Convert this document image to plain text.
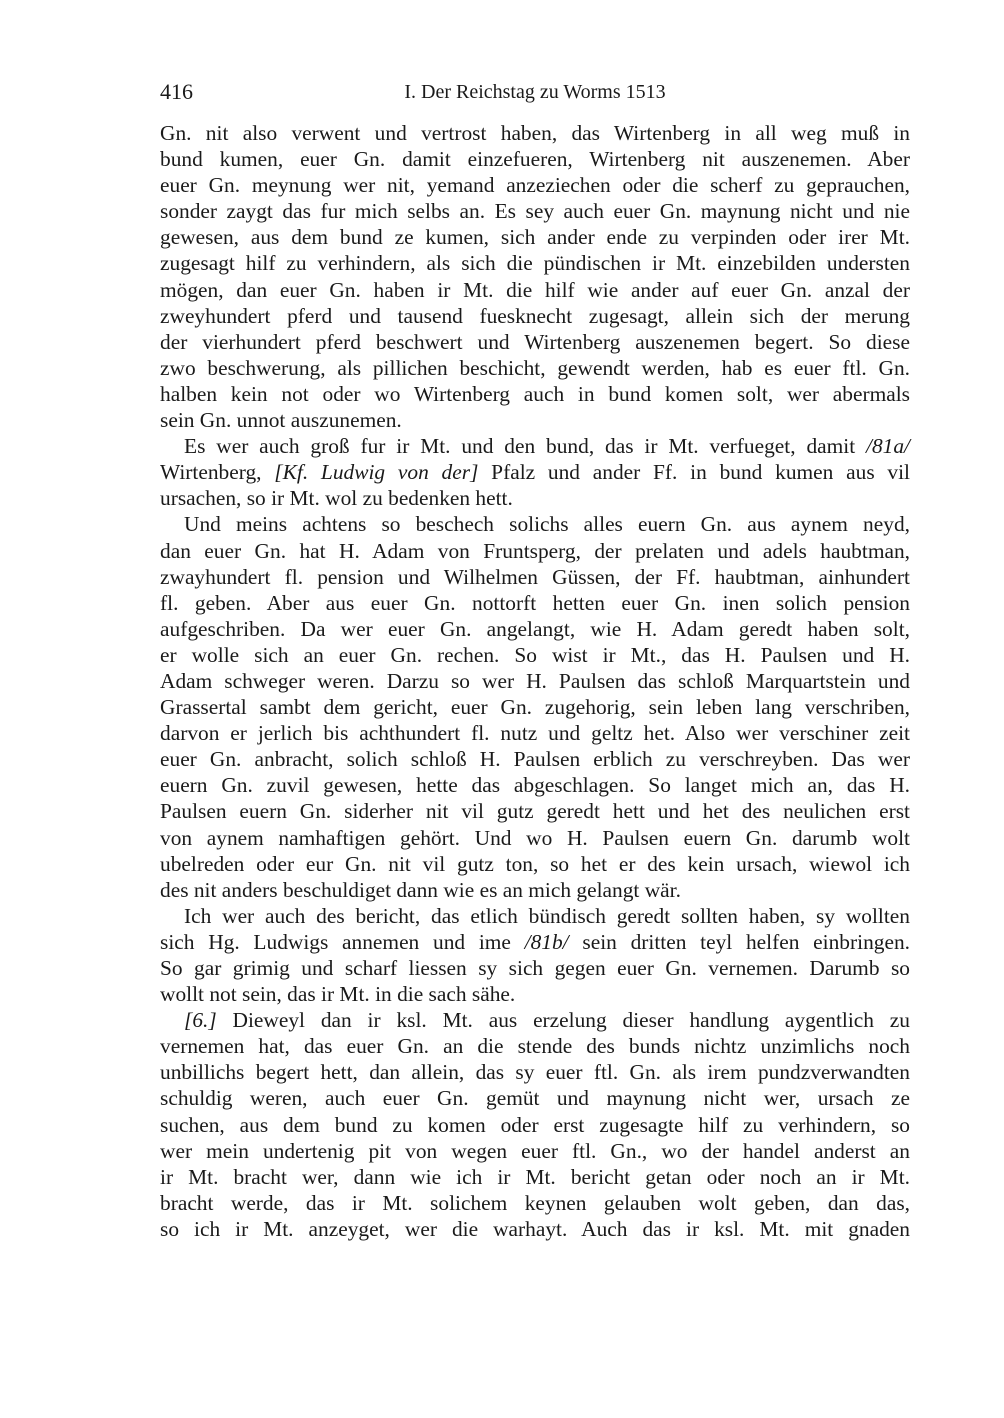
416	I. Der Reichstag zu Worms 1513
Gn. nit also verwent und vertrost haben, das Wirtenberg in all weg muß in
bund kumen, euer Gn. damit einzefueren, Wirtenberg nit auszenemen. Aber
euer Gn. meynung wer nit, yemand anzeziechen oder die scherf zu geprauchen,
sonder zaygt das fur mich selbs an. Es sey auch euer Gn. maynung nicht und nie
gewesen, aus dem bund ze kumen, sich ander ende zu verpinden oder irer Mt.
zugesagt hilf zu verhindern, als sich die pündischen ir Mt. einzebilden understen
mögen, dan euer Gn. haben ir Mt. die hilf wie ander auf euer Gn. anzal der
zweyhundert pferd und tausend fuesknecht zugesagt, allein sich der merung
der vierhundert pferd beschwert und Wirtenberg auszenemen begert. So diese
zwo beschwerung, als pillichen beschicht, gewendt werden, hab es euer ftl. Gn.
halben kein not oder wo Wirtenberg auch in bund komen solt, wer abermals
sein Gn. unnot auszunemen.
Es wer auch groß fur ir Mt. und den bund, das ir Mt. verfueget, damit /81a/
Wirtenberg, [Kf. Ludwig von der] Pfalz und ander Ff. in bund kumen aus vil
ursachen, so ir Mt. wol zu bedenken hett.
Und meins achtens so beschech solichs alles euern Gn. aus aynem neyd,
dan euer Gn. hat H. Adam von Fruntsperg, der prelaten und adels haubtman,
zwayhundert fl. pension und Wilhelmen Güssen, der Ff. haubtman, ainhundert
fl. geben. Aber aus euer Gn. nottorft hetten euer Gn. inen solich pension
aufgeschriben. Da wer euer Gn. angelangt, wie H. Adam geredt haben solt,
er wolle sich an euer Gn. rechen. So wist ir Mt., das H. Paulsen und H.
Adam schweger weren. Darzu so wer H. Paulsen das schloß Marquartstein und
Grassertal sambt dem gericht, euer Gn. zugehorig, sein leben lang verschriben,
darvon er jerlich bis achthundert fl. nutz und geltz het. Also wer verschiner zeit
euer Gn. anbracht, solich schloß H. Paulsen erblich zu verschreyben. Das wer
euern Gn. zuvil gewesen, hette das abgeschlagen. So langet mich an, das H.
Paulsen euern Gn. siderher nit vil gutz geredt hett und het des neulichen erst
von aynem namhaftigen gehört. Und wo H. Paulsen euern Gn. darumb wolt
ubelreden oder eur Gn. nit vil gutz ton, so het er des kein ursach, wiewol ich
des nit anders beschuldiget dann wie es an mich gelangt wär.
Ich wer auch des bericht, das etlich bündisch geredt sollten haben, sy wollten
sich Hg. Ludwigs annemen und ime /81b/ sein dritten teyl helfen einbringen.
So gar grimig und scharf liessen sy sich gegen euer Gn. vernemen. Darumb so
wollt not sein, das ir Mt. in die sach sähe.
[6.] Dieweyl dan ir ksl. Mt. aus erzelung dieser handlung aygentlich zu
vernemen hat, das euer Gn. an die stende des bunds nichtz unzimlichs noch
unbillichs begert hett, dan allein, das sy euer ftl. Gn. als irem pundzverwandten
schuldig weren, auch euer Gn. gemüt und maynung nicht wer, ursach ze
suchen, aus dem bund zu komen oder erst zugesagte hilf zu verhindern, so
wer mein undertenig pit von wegen euer ftl. Gn., wo der handel anderst an
ir Mt. bracht wer, dann wie ich ir Mt. bericht getan oder noch an ir Mt.
bracht werde, das ir Mt. solichem keynen gelauben wolt geben, dan das,
so ich ir Mt. anzeyget, wer die warhayt. Auch das ir ksl. Mt. mit gnaden
